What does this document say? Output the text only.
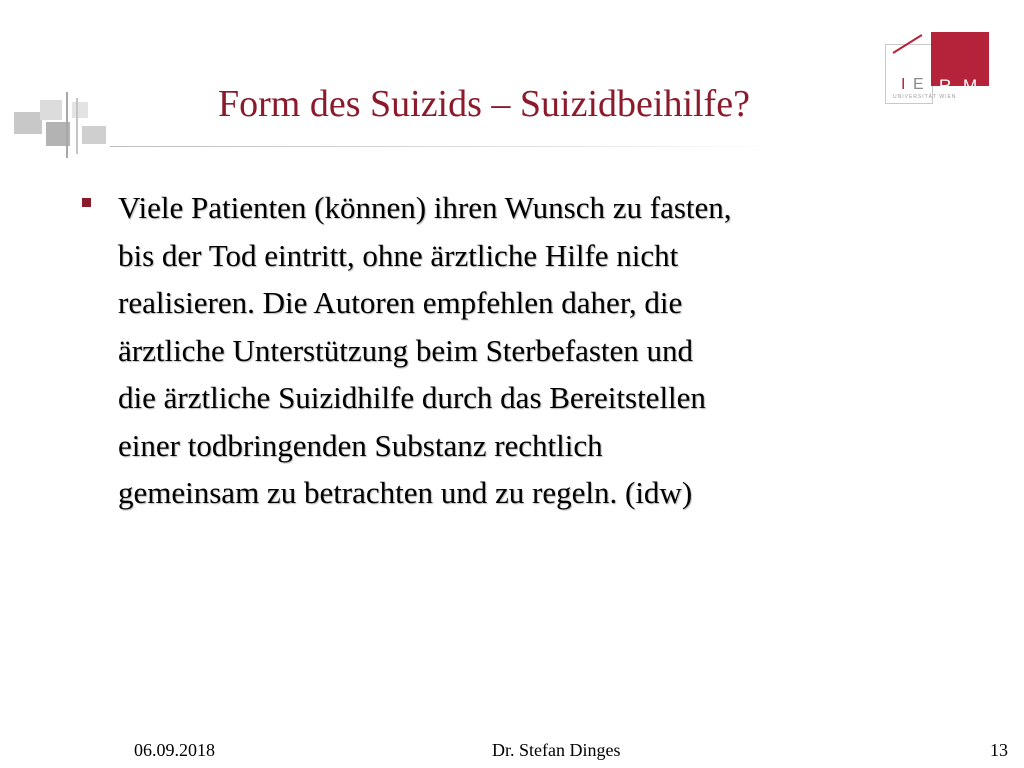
Form des Suizids – Suizidbeihilfe?	I E R M
UNIVERSITÄT WIEN
Viele Patienten (können) ihren Wunsch zu fasten,
bis der Tod eintritt, ohne ärztliche Hilfe nicht
realisieren. Die Autoren empfehlen daher, die
ärztliche Unterstützung beim Sterbefasten und
die ärztliche Suizidhilfe durch das Bereitstellen
einer todbringenden Substanz rechtlich
gemeinsam zu betrachten und zu regeln. (idw)
06.09.2018	Dr. Stefan Dinges	13
